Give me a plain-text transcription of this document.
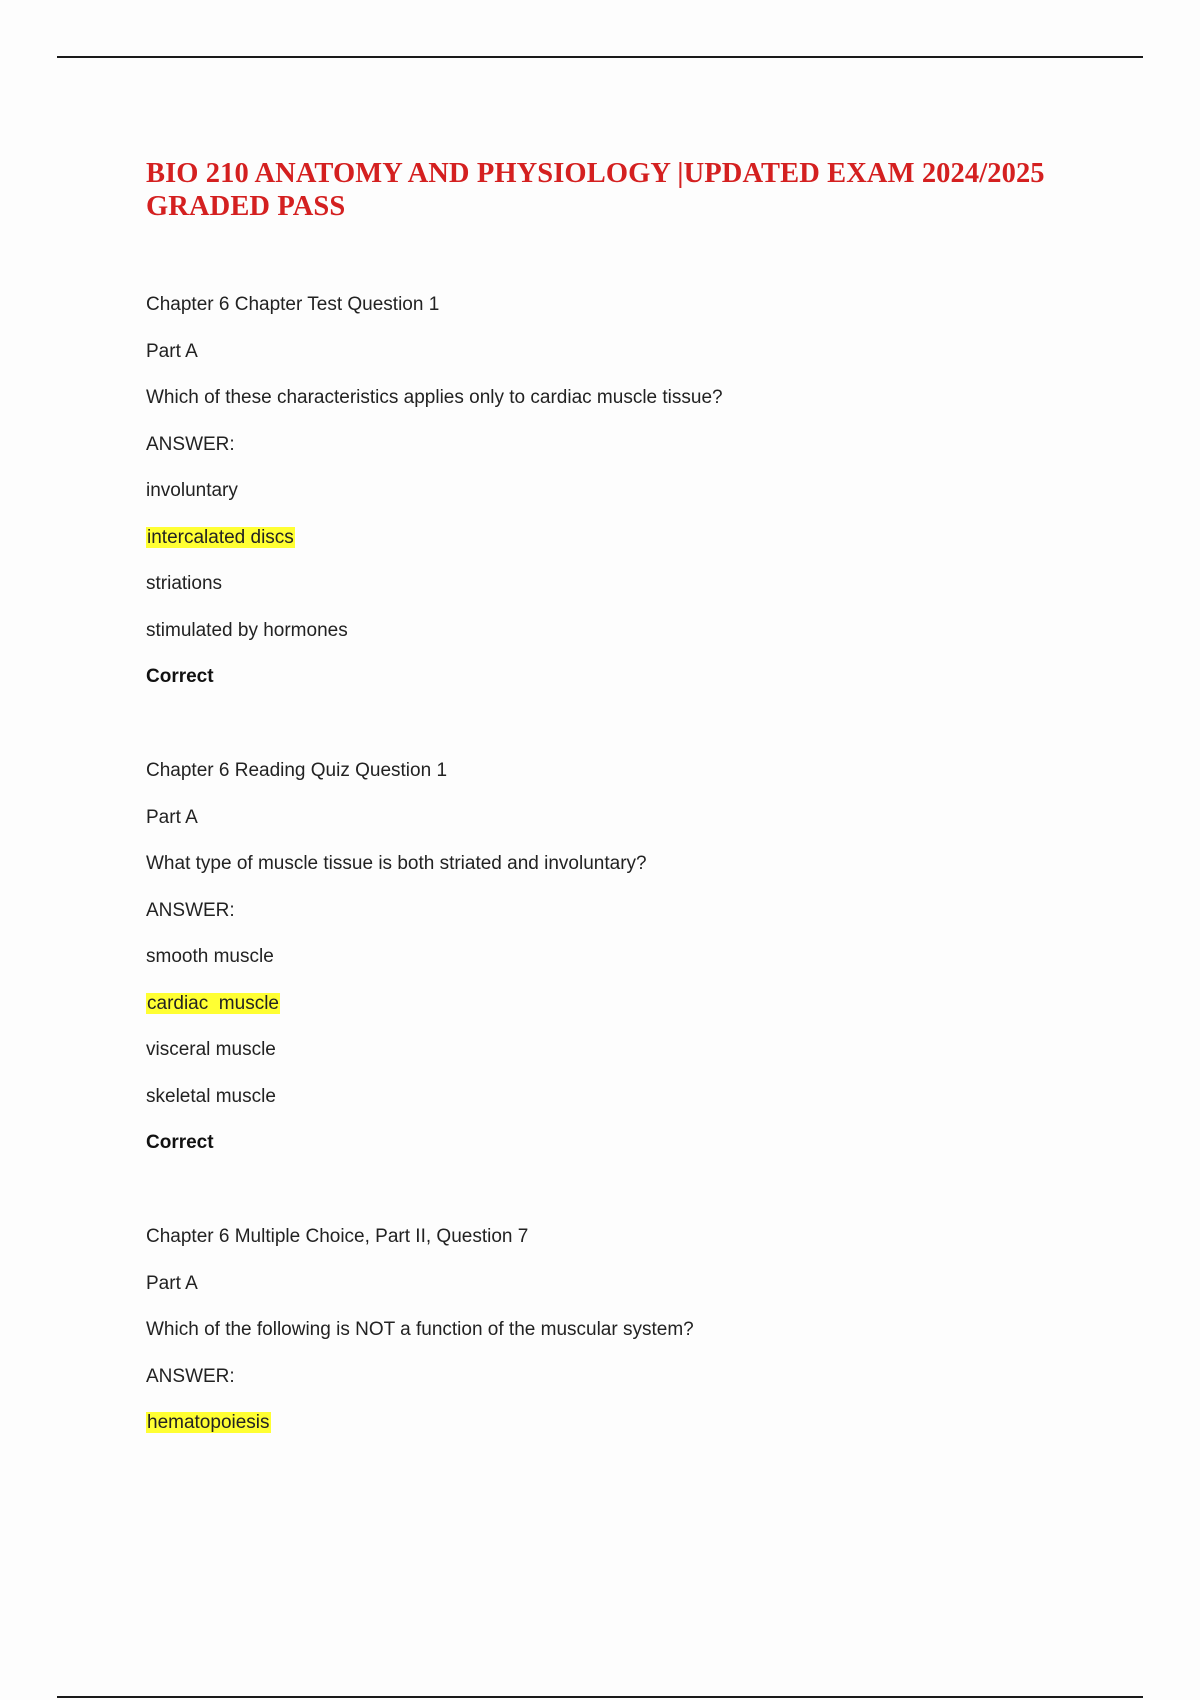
BIO 210 ANATOMY AND PHYSIOLOGY |UPDATED EXAM 2024/2025 GRADED PASS
Chapter 6 Chapter Test Question 1
Part A
Which of these characteristics applies only to cardiac muscle tissue?
ANSWER:
involuntary
intercalated discs
striations
stimulated by hormones
Correct
Chapter 6 Reading Quiz Question 1
Part A
What type of muscle tissue is both striated and involuntary?
ANSWER:
smooth muscle
cardiac  muscle
visceral muscle
skeletal muscle
Correct
Chapter 6 Multiple Choice, Part II, Question 7
Part A
Which of the following is NOT a function of the muscular system?
ANSWER:
hematopoiesis
